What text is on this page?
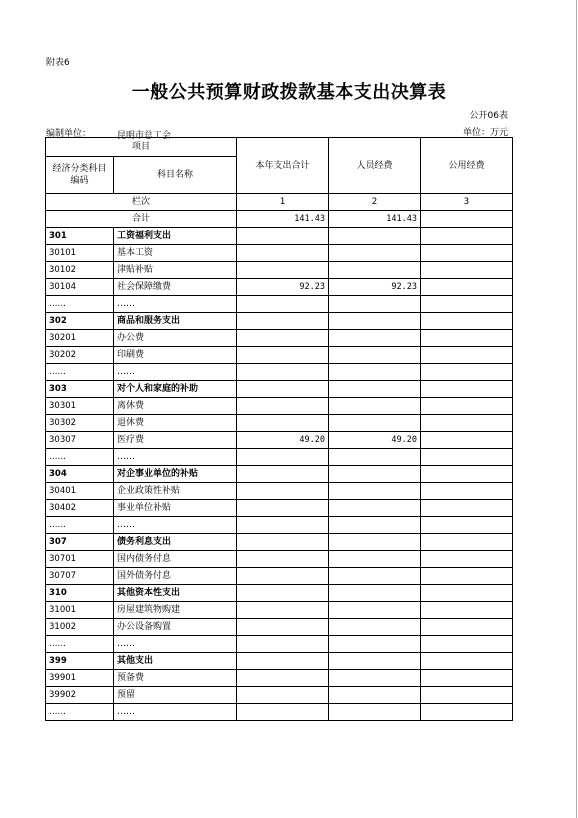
附表6
一般公共预算财政拨款基本支出决算表
公开06表
编制单位：	昆明市总工会	单位：万元
项目		本年支出合计	人员经费	公用经费
经济分类科目编码	科目名称			
栏次		1	2	3
合计		141.43	141.43	
301	工资福利支出			
30101	基本工资			
30102	津贴补贴			
30104	社会保障缴费	92.23	92.23	
……	……			
302	商品和服务支出			
30201	办公费			
30202	印刷费			
……	……			
303	对个人和家庭的补助			
30301	离休费			
30302	退休费			
30307	医疗费	49.20	49.20	
……	……			
304	对企事业单位的补贴			
30401	企业政策性补贴			
30402	事业单位补贴			
……	……			
307	债务利息支出			
30701	国内债务付息			
30707	国外债务付息			
310	其他资本性支出			
31001	房屋建筑物购建			
31002	办公设备购置			
……	……			
399	其他支出			
39901	预备费			
39902	预留			
……	……			
